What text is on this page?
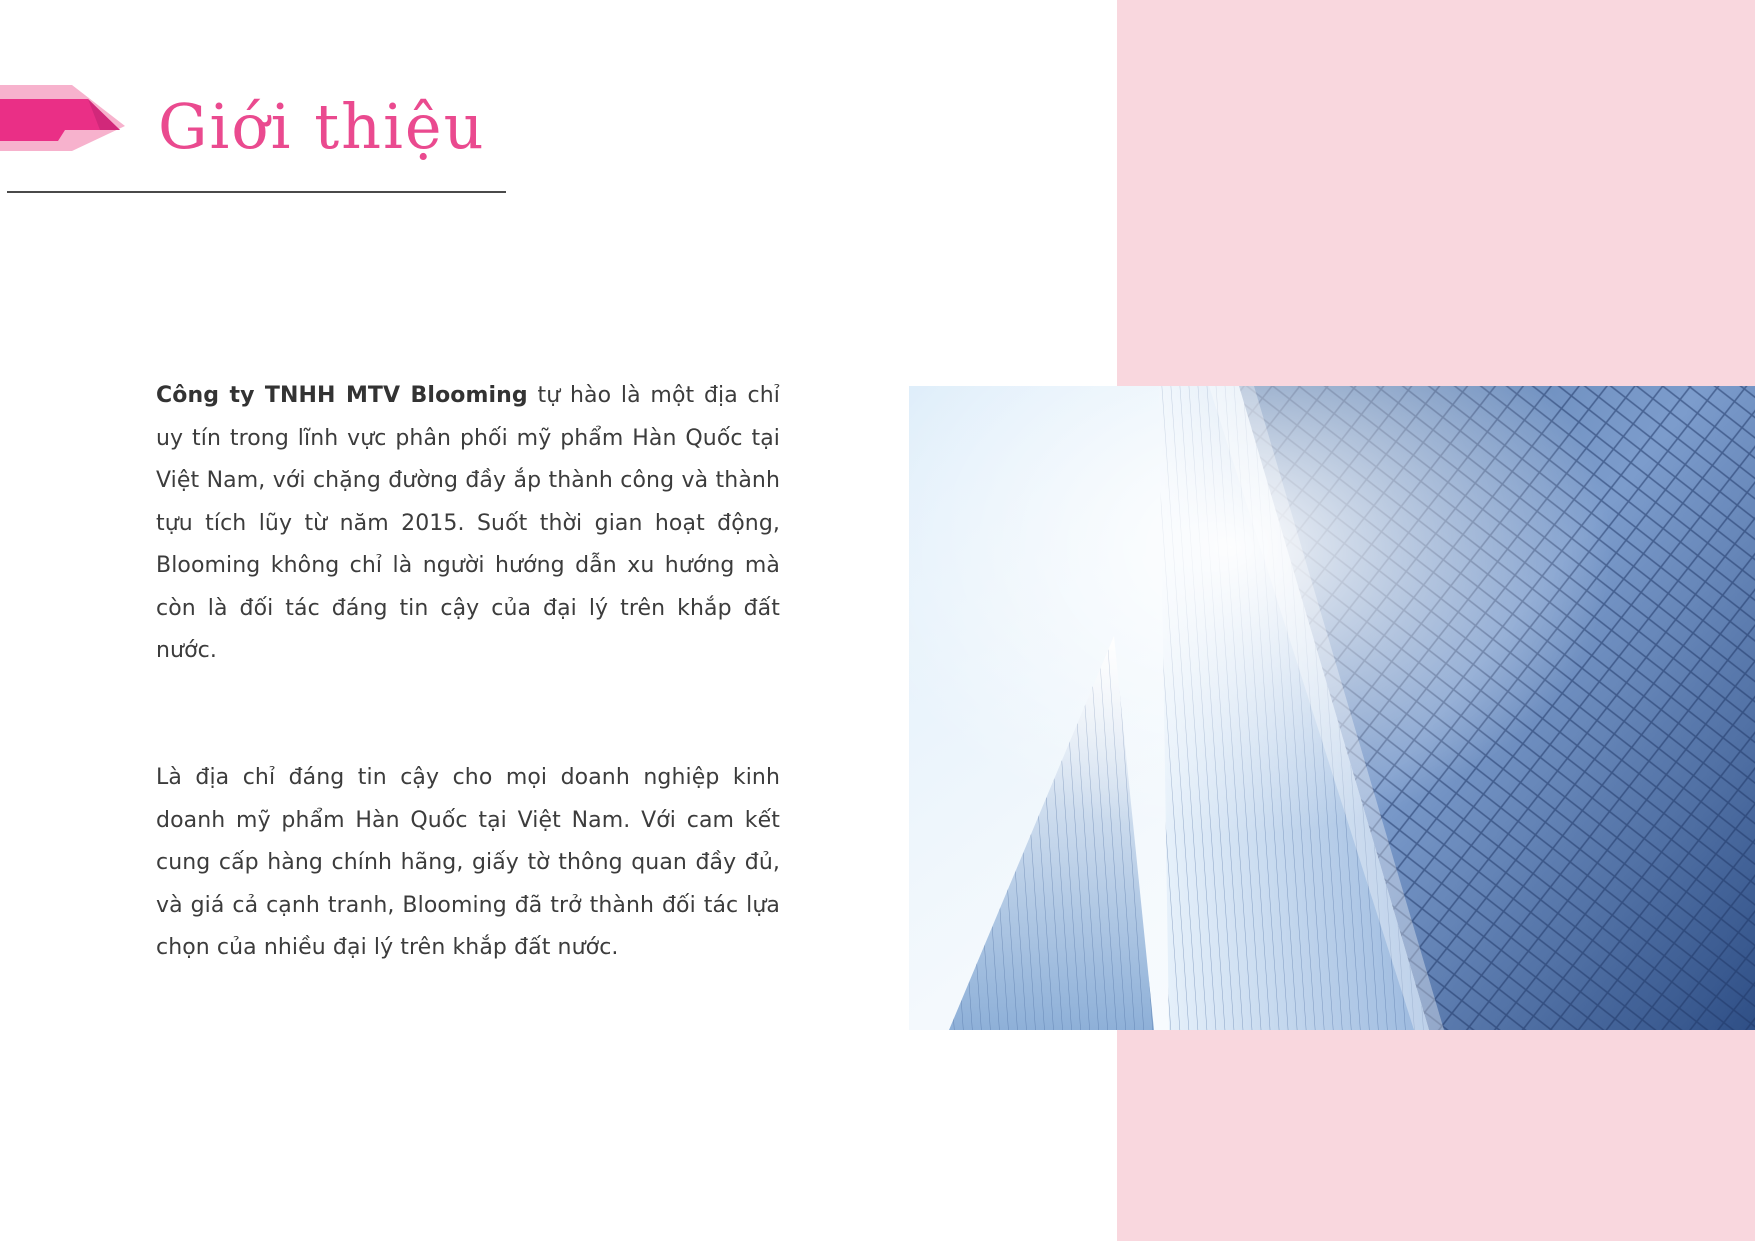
Giới thiệu

Công ty TNHH MTV Blooming tự hào là một địa chỉ uy tín trong lĩnh vực phân phối mỹ phẩm Hàn Quốc tại Việt Nam, với chặng đường đầy ắp thành công và thành tựu tích lũy từ năm 2015. Suốt thời gian hoạt động, Blooming không chỉ là người hướng dẫn xu hướng mà còn là đối tác đáng tin cậy của đại lý trên khắp đất nước.

Là địa chỉ đáng tin cậy cho mọi doanh nghiệp kinh doanh mỹ phẩm Hàn Quốc tại Việt Nam. Với cam kết cung cấp hàng chính hãng, giấy tờ thông quan đầy đủ, và giá cả cạnh tranh, Blooming đã trở thành đối tác lựa chọn của nhiều đại lý trên khắp đất nước.
